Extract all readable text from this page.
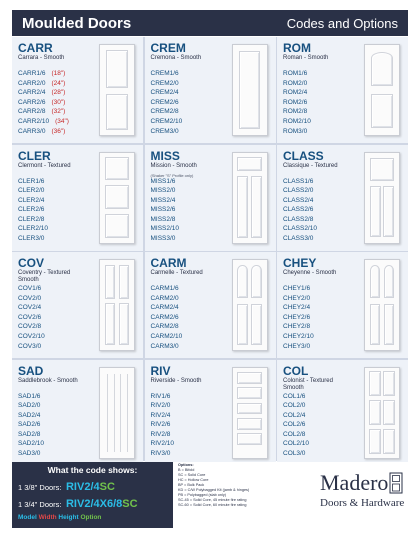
Moulded Doors	Codes and Options
CARR
Carrara - Smooth
CARR1/6 (18")
CARR2/0 (24")
CARR2/4 (28")
CARR2/6 (30")
CARR2/8 (32")
CARR2/10 (34")
CARR3/0 (36")
CREM
Cremona - Smooth
CREM1/6
CREM2/0
CREM2/4
CREM2/6
CREM2/8
CREM2/10
CREM3/0
ROM
Roman - Smooth
ROM1/6
ROM2/0
ROM2/4
ROM2/6
ROM2/8
ROM2/10
ROM3/0
CLER
Clermont - Textured
CLER1/6
CLER2/0
CLER2/4
CLER2/6
CLER2/8
CLER2/10
CLER3/0
MISS
Mission - Smooth
(Shaker "S" Profile only)
MISS1/6
MISS2/0
MISS2/4
MISS2/6
MISS2/8
MISS2/10
MISS3/0
CLASS
Classique - Textured
CLASS1/6
CLASS2/0
CLASS2/4
CLASS2/6
CLASS2/8
CLASS2/10
CLASS3/0
COV
Coventry - Textured Smooth
COV1/6
COV2/0
COV2/4
COV2/6
COV2/8
COV2/10
COV3/0
CARM
Carmelle - Textured
CARM1/6
CARM2/0
CARM2/4
CARM2/6
CARM2/8
CARM2/10
CARM3/0
CHEY
Cheyenne - Smooth
CHEY1/6
CHEY2/0
CHEY2/4
CHEY2/6
CHEY2/8
CHEY2/10
CHEY3/0
SAD
Saddlebrook - Smooth
SAD1/6
SAD2/0
SAD2/4
SAD2/6
SAD2/8
SAD2/10
SAD3/0
RIV
Riverside - Smooth
RIV1/6
RIV2/0
RIV2/4
RIV2/6
RIV2/8
RIV2/10
RIV3/0
COL
Colonist - Textured Smooth
COL1/6
COL2/0
COL2/4
COL2/6
COL2/8
COL2/10
COL3/0
What the code shows:
1 3/8" Doors: RIV2/4SC
1 3/4" Doors: RIV2/4X6/8SC
Model Width Height Option
Options:
B = Bifold
SC = Solid Core
HC = Hollow Core
BP = Bulk Pack
KD = C/W Polybagged Kit (jamb & hinges)
PB = Polybagged (slab only)
SC-45 = Solid Core, 45 minute fire rating
SC-60 = Solid Core, 60 minute fire rating
Madero
Doors & Hardware
